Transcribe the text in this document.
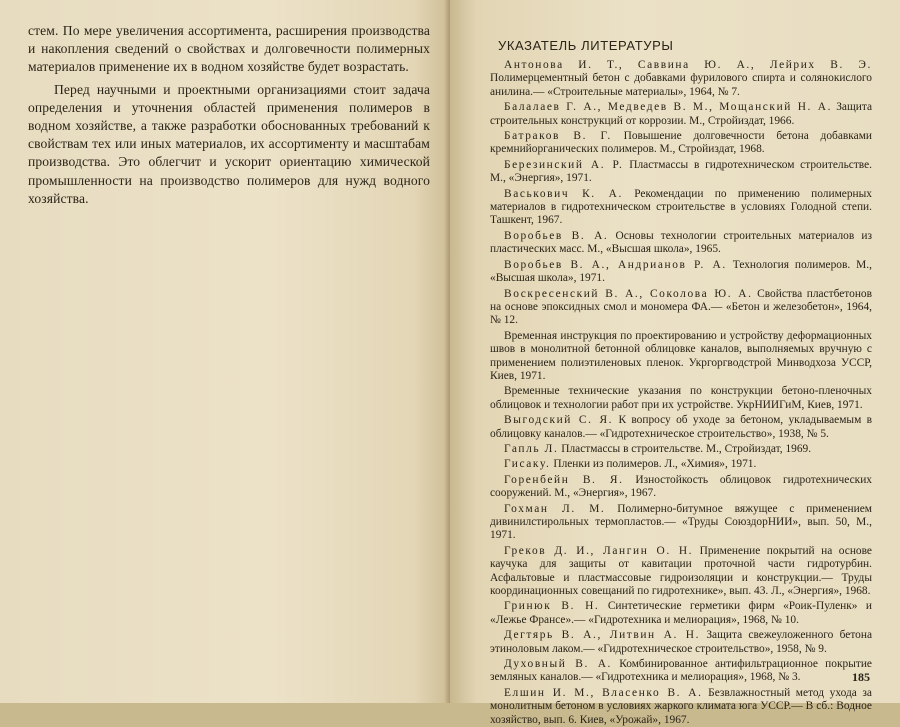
стем. По мере увеличения ассортимента, расширения производства и накопления сведений о свойствах и долговечности полимерных материалов применение их в водном хозяйстве будет возрастать.

Перед научными и проектными организациями стоит задача определения и уточнения областей применения полимеров в водном хозяйстве, а также разработки обоснованных требований к свойствам тех или иных материалов, их ассортименту и масштабам производства. Это облегчит и ускорит ориентацию химической промышленности на производство полимеров для нужд водного хозяйства.

УКАЗАТЕЛЬ ЛИТЕРАТУРЫ
Антонова И. Т., Саввина Ю. А., Лейрих В. Э. Полимерцементный бетон с добавками фурилового спирта и солянокислого анилина.— «Строительные материалы», 1964, № 7.
Балалаев Г. А., Медведев В. М., Мощанский Н. А. Защита строительных конструкций от коррозии. М., Стройиздат, 1966.
Батраков В. Г. Повышение долговечности бетона добавками кремнийорганических полимеров. М., Стройиздат, 1968.
Березинский А. Р. Пластмассы в гидротехническом строительстве. М., «Энергия», 1971.
Васькович К. А. Рекомендации по применению полимерных материалов в гидротехническом строительстве в условиях Голодной степи. Ташкент, 1967.
Воробьев В. А. Основы технологии строительных материалов из пластических масс. М., «Высшая школа», 1965.
Воробьев В. А., Андрианов Р. А. Технология полимеров. М., «Высшая школа», 1971.
Воскресенский В. А., Соколова Ю. А. Свойства пластбетонов на основе эпоксидных смол и мономера ФА.— «Бетон и железобетон», 1964, № 12.
Временная инструкция по проектированию и устройству деформационных швов в монолитной бетонной облицовке каналов, выполняемых вручную с применением полиэтиленовых пленок. Укргоргводстрой Минводхоза УССР, Киев, 1971.
Временные технические указания по конструкции бетоно-пленочных облицовок и технологии работ при их устройстве. УкрНИИГиМ, Киев, 1971.
Выгодский С. Я. К вопросу об уходе за бетоном, укладываемым в облицовку каналов.— «Гидротехническое строительство», 1938, № 5.
Гапль Л. Пластмассы в строительстве. М., Стройиздат, 1969.
Гисаку. Пленки из полимеров. Л., «Химия», 1971.
Горенбейн В. Я. Изностойкость облицовок гидротехнических сооружений. М., «Энергия», 1967.
Гохман Л. М. Полимерно-битумное вяжущее с применением дивинилстирольных термопластов.— «Труды СоюздорНИИ», вып. 50, М., 1971.
Греков Д. И., Лангин О. Н. Применение покрытий на основе каучука для защиты от кавитации проточной части гидротурбин. Асфальтовые и пластмассовые гидроизоляции и конструкции.— Труды координационных совещаний по гидротехнике», вып. 43. Л., «Энергия», 1968.
Гринюк В. Н. Синтетические герметики фирм «Роик-Пуленк» и «Лежье Франсе».— «Гидротехника и мелиорация», 1968, № 10.
Дегтярь В. А., Литвин А. Н. Защита свежеуложенного бетона этиноловым лаком.— «Гидротехническое строительство», 1958, № 9.
Духовный В. А. Комбинированное антифильтрационное покрытие земляных каналов.— «Гидротехника и мелиорация», 1968, № 3.
Елшин И. М., Власенко В. А. Безвлажностный метод ухода за монолитным бетоном в условиях жаркого климата юга УССР.— В сб.: Водное хозяйство, вып. 6. Киев, «Урожай», 1967.
185
